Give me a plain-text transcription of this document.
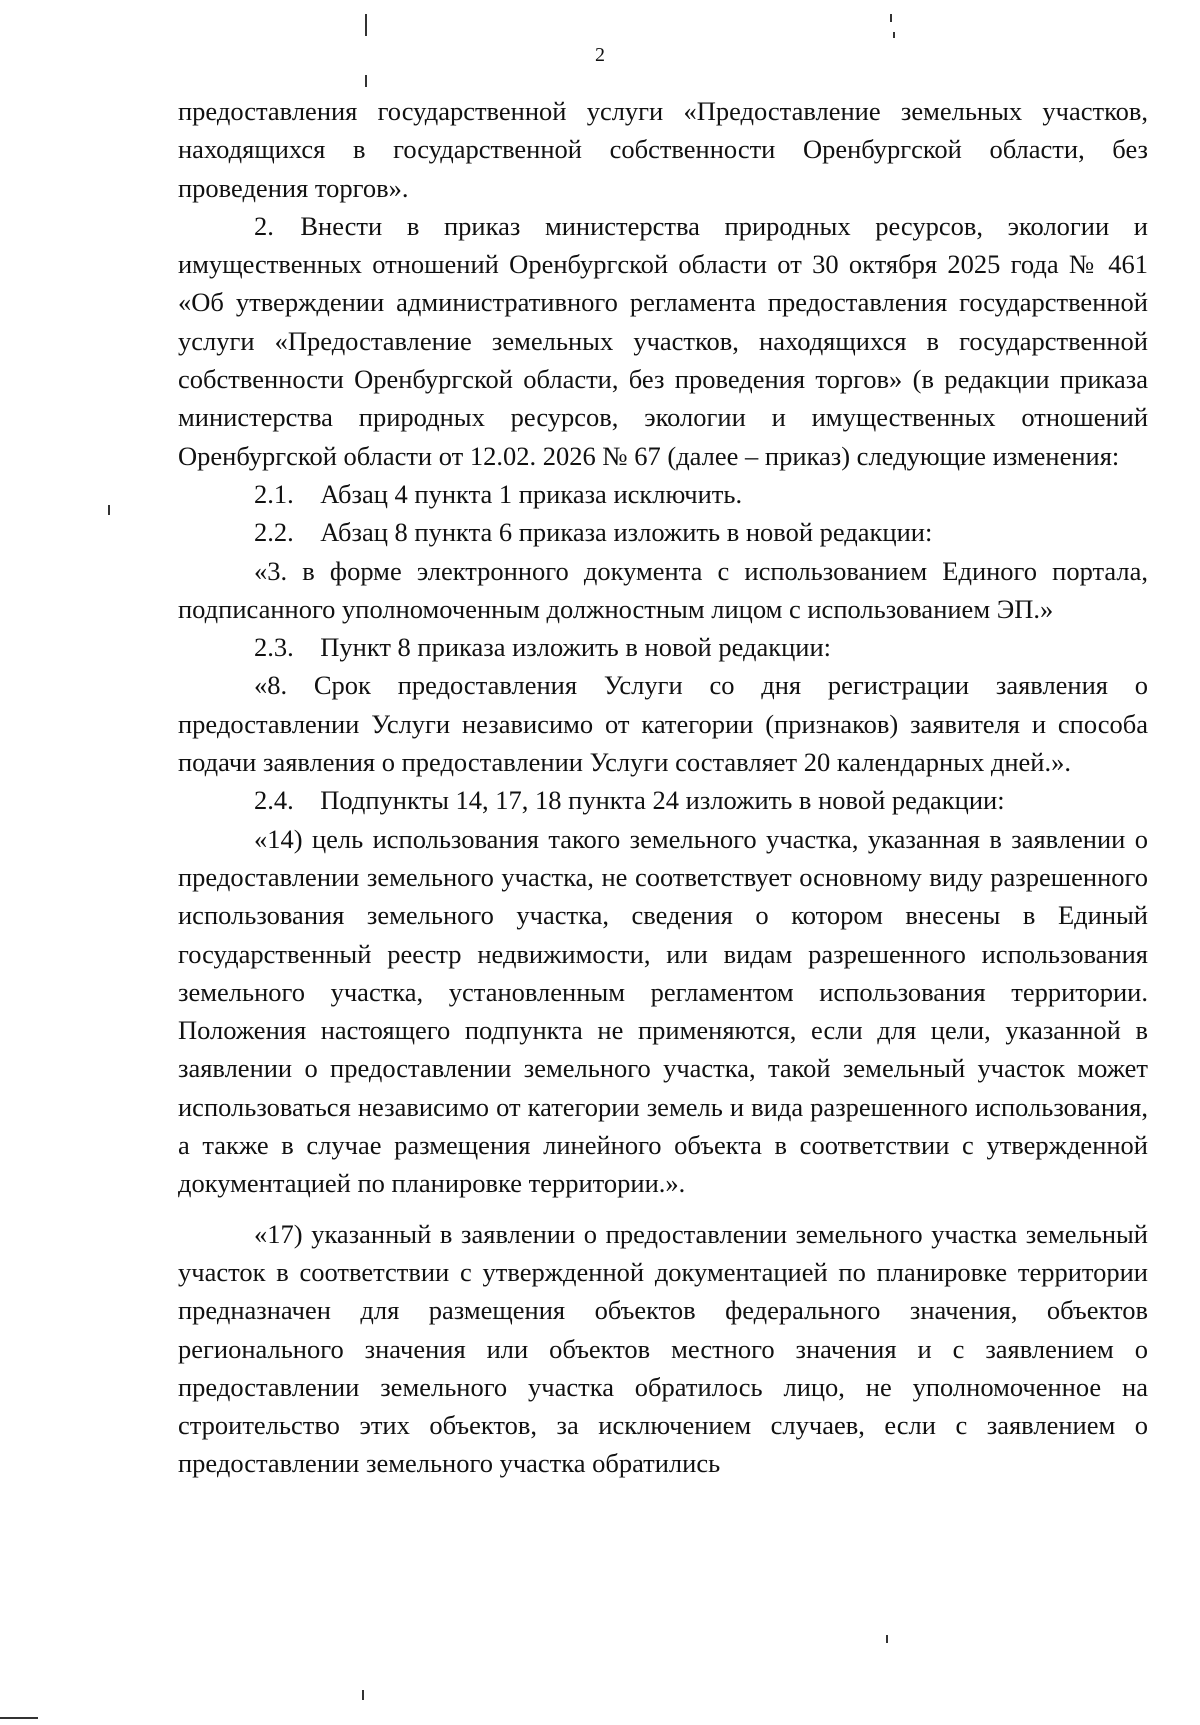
2

предоставления государственной услуги «Предоставление земельных участков, находящихся в государственной собственности Оренбургской области, без проведения торгов».

2. Внести в приказ министерства природных ресурсов, экологии и имущественных отношений Оренбургской области от 30 октября 2025 года № 461 «Об утверждении административного регламента предоставления государственной услуги «Предоставление земельных участков, находящихся в государственной собственности Оренбургской области, без проведения торгов» (в редакции приказа министерства природных ресурсов, экологии и имущественных отношений Оренбургской области от 12.02. 2026 № 67 (далее – приказ) следующие изменения:

2.1. Абзац 4 пункта 1 приказа исключить.

2.2. Абзац 8 пункта 6 приказа изложить в новой редакции:

«3. в форме электронного документа с использованием Единого портала, подписанного уполномоченным должностным лицом с использованием ЭП.»

2.3. Пункт 8 приказа изложить в новой редакции:

«8. Срок предоставления Услуги со дня регистрации заявления о предоставлении Услуги независимо от категории (признаков) заявителя и способа подачи заявления о предоставлении Услуги составляет 20 календарных дней.».

2.4. Подпункты 14, 17, 18 пункта 24 изложить в новой редакции:

«14) цель использования такого земельного участка, указанная в заявлении о предоставлении земельного участка, не соответствует основному виду разрешенного использования земельного участка, сведения о котором внесены в Единый государственный реестр недвижимости, или видам разрешенного использования земельного участка, установленным регламентом использования территории. Положения настоящего подпункта не применяются, если для цели, указанной в заявлении о предоставлении земельного участка, такой земельный участок может использоваться независимо от категории земель и вида разрешенного использования, а также в случае размещения линейного объекта в соответствии с утвержденной документацией по планировке территории.».

«17) указанный в заявлении о предоставлении земельного участка земельный участок в соответствии с утвержденной документацией по планировке территории предназначен для размещения объектов федерального значения, объектов регионального значения или объектов местного значения и с заявлением о предоставлении земельного участка обратилось лицо, не уполномоченное на строительство этих объектов, за исключением случаев, если с заявлением о предоставлении земельного участка обратились
